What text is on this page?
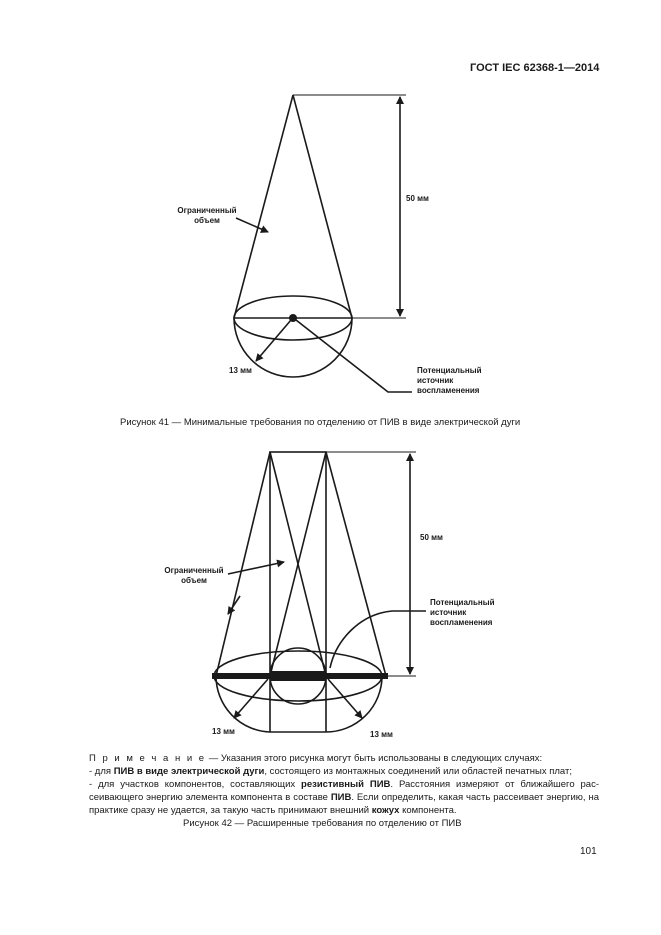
ГОСТ IEC 62368-1—2014
Ограниченный
объем
50 мм
13 мм	Потенциальный
источник
воспламенения
Рисунок 41 — Минимальные требования по отделению от ПИВ в виде электрической дуги
Ограниченный
объем
50 мм
Потенциальный
источник
воспламенения
13 мм	13 мм
П р и м е ч а н и е — Указания этого рисунка могут быть использованы в следующих случаях:
- для ПИВ в виде электрической дуги, состоящего из монтажных соединений или областей печатных плат;
- для участков компонентов, составляющих резистивный ПИВ. Расстояния измеряют от ближайшего рассеивающего энергию элемента компонента в составе ПИВ. Если определить, какая часть рассеивает энергию, на практике сразу не удается, за такую часть принимают внешний кожух компонента.
Рисунок 42 — Расширенные требования по отделению от ПИВ
101
